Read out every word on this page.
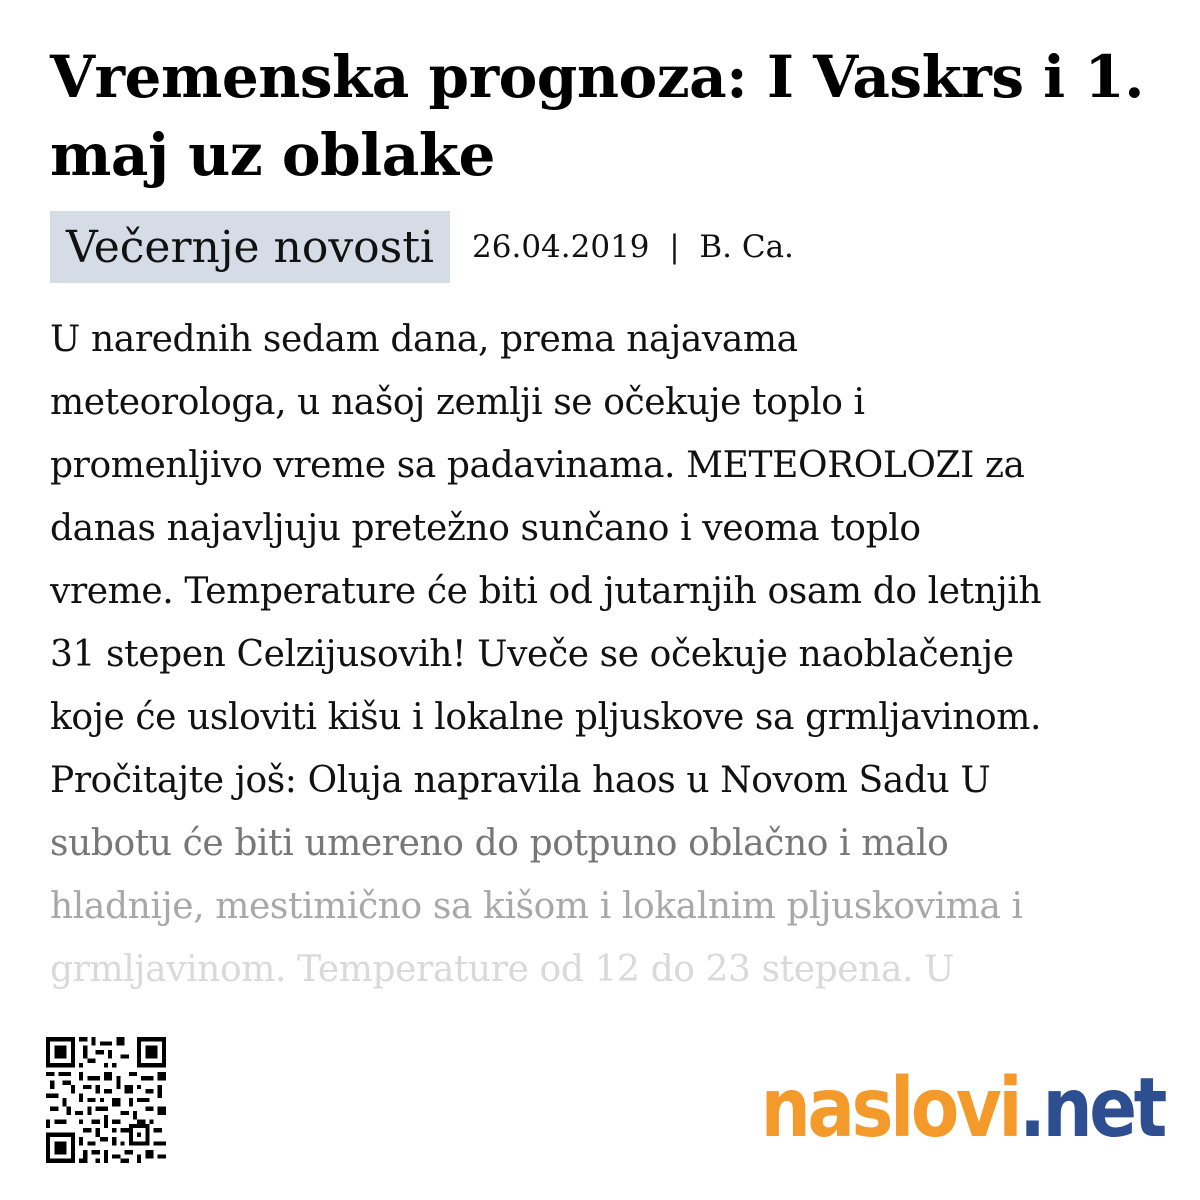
Vremenska prognoza: I Vaskrs i 1. maj uz oblake
Večernje novosti	26.04.2019  |  B. Ca.
U narednih sedam dana, prema najavama
meteorologa, u našoj zemlji se očekuje toplo i
promenljivo vreme sa padavinama. METEOROLOZI za
danas najavljuju pretežno sunčano i veoma toplo
vreme. Temperature će biti od jutarnjih osam do letnjih
31 stepen Celzijusovih! Uveče se očekuje naoblačenje
koje će usloviti kišu i lokalne pljuskove sa grmljavinom.
Pročitajte još: Oluja napravila haos u Novom Sadu U
subotu će biti umereno do potpuno oblačno i malo
hladnije, mestimično sa kišom i lokalnim pljuskovima i
grmljavinom. Temperature od 12 do 23 stepena. U
naslovi.net
